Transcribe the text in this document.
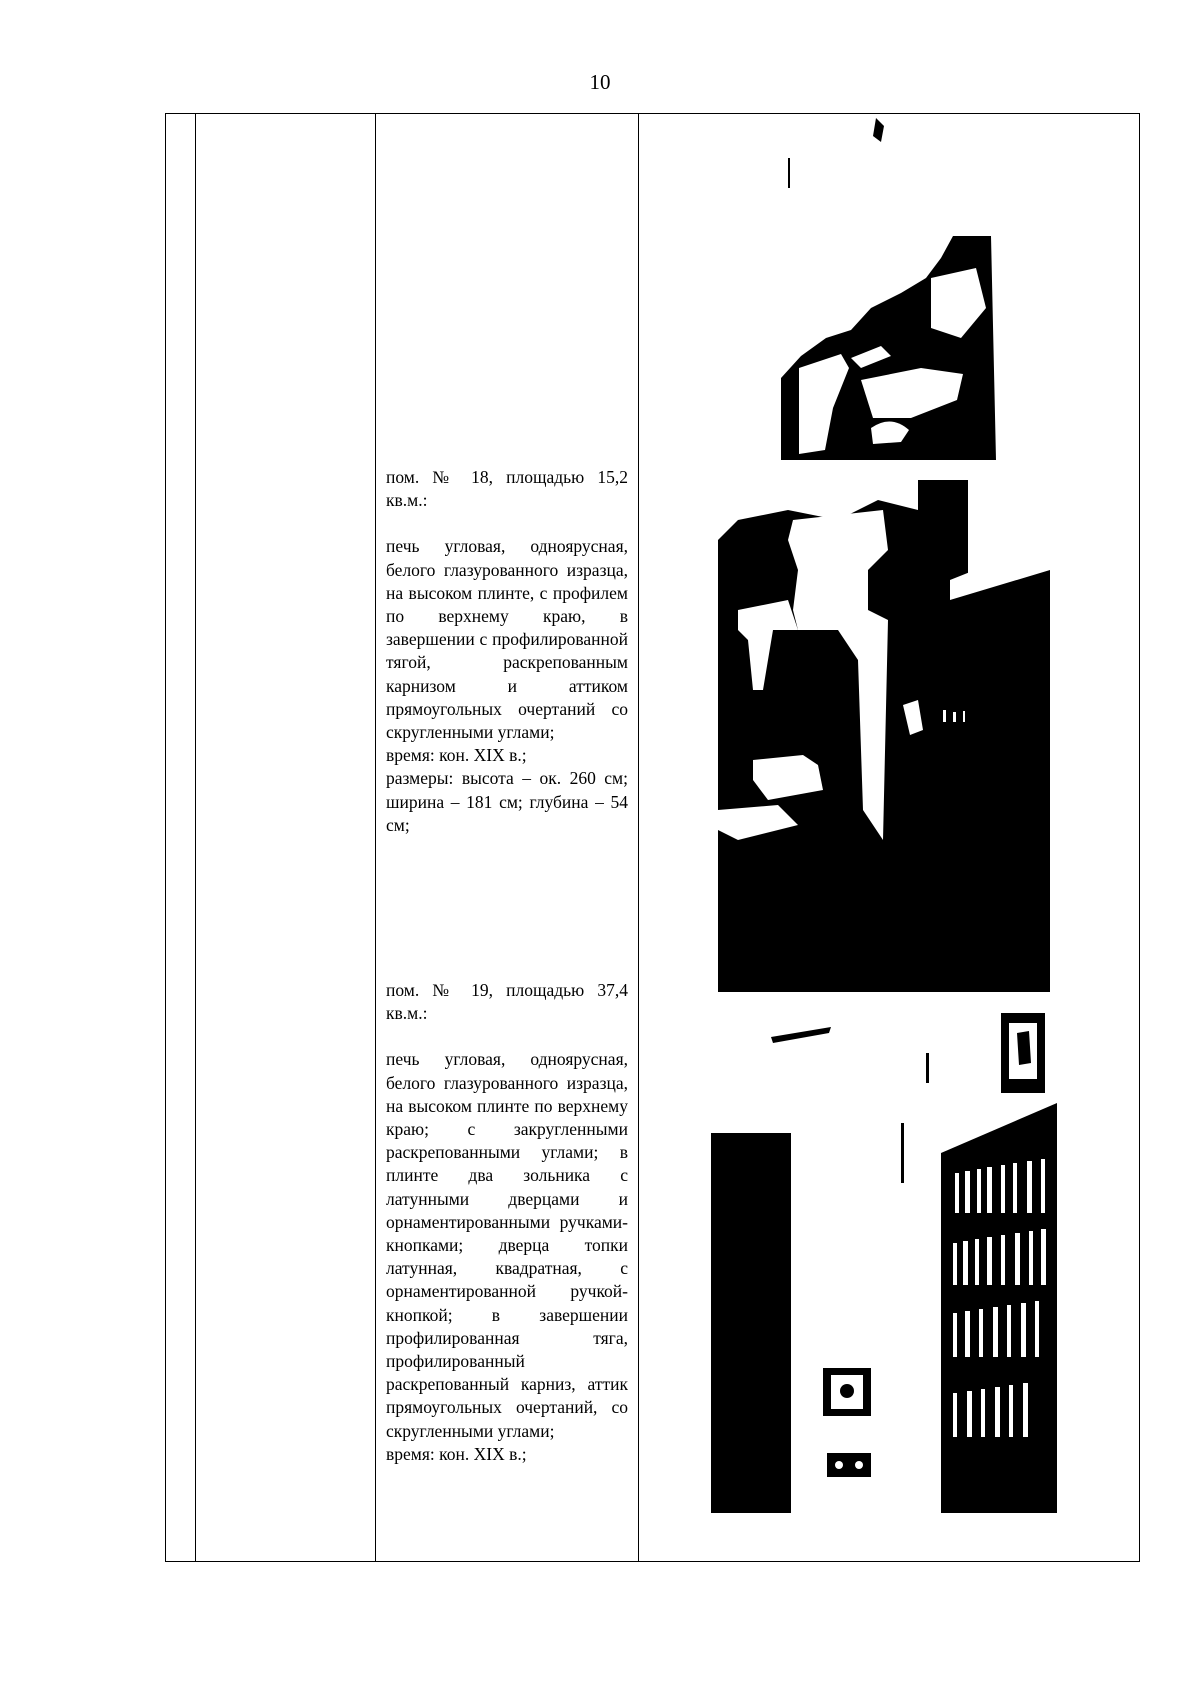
10

пом. № 18, площадью 15,2 кв.м.:

печь угловая, одноярусная, белого глазурованного изразца, на высоком плинте, с профилем по верхнему краю, в завершении с профилированной тягой, раскрепованным карнизом и аттиком прямоугольных очертаний со скругленными углами;

время: кон. XIX в.;

размеры: высота – ок. 260 см; ширина – 181 см; глубина – 54 см;

пом. № 19, площадью 37,4 кв.м.:

печь угловая, одноярусная, белого глазурованного изразца, на высоком плинте по верхнему краю; с закругленными раскрепованными углами; в плинте два зольника с латунными дверцами и орнаментированными ручками-кнопками; дверца топки латунная, квадратная, с орнаментированной ручкой-кнопкой; в завершении профилированная тяга, профилированный раскрепованный карниз, аттик прямоугольных очертаний, со скругленными углами;

время: кон. XIX в.;
